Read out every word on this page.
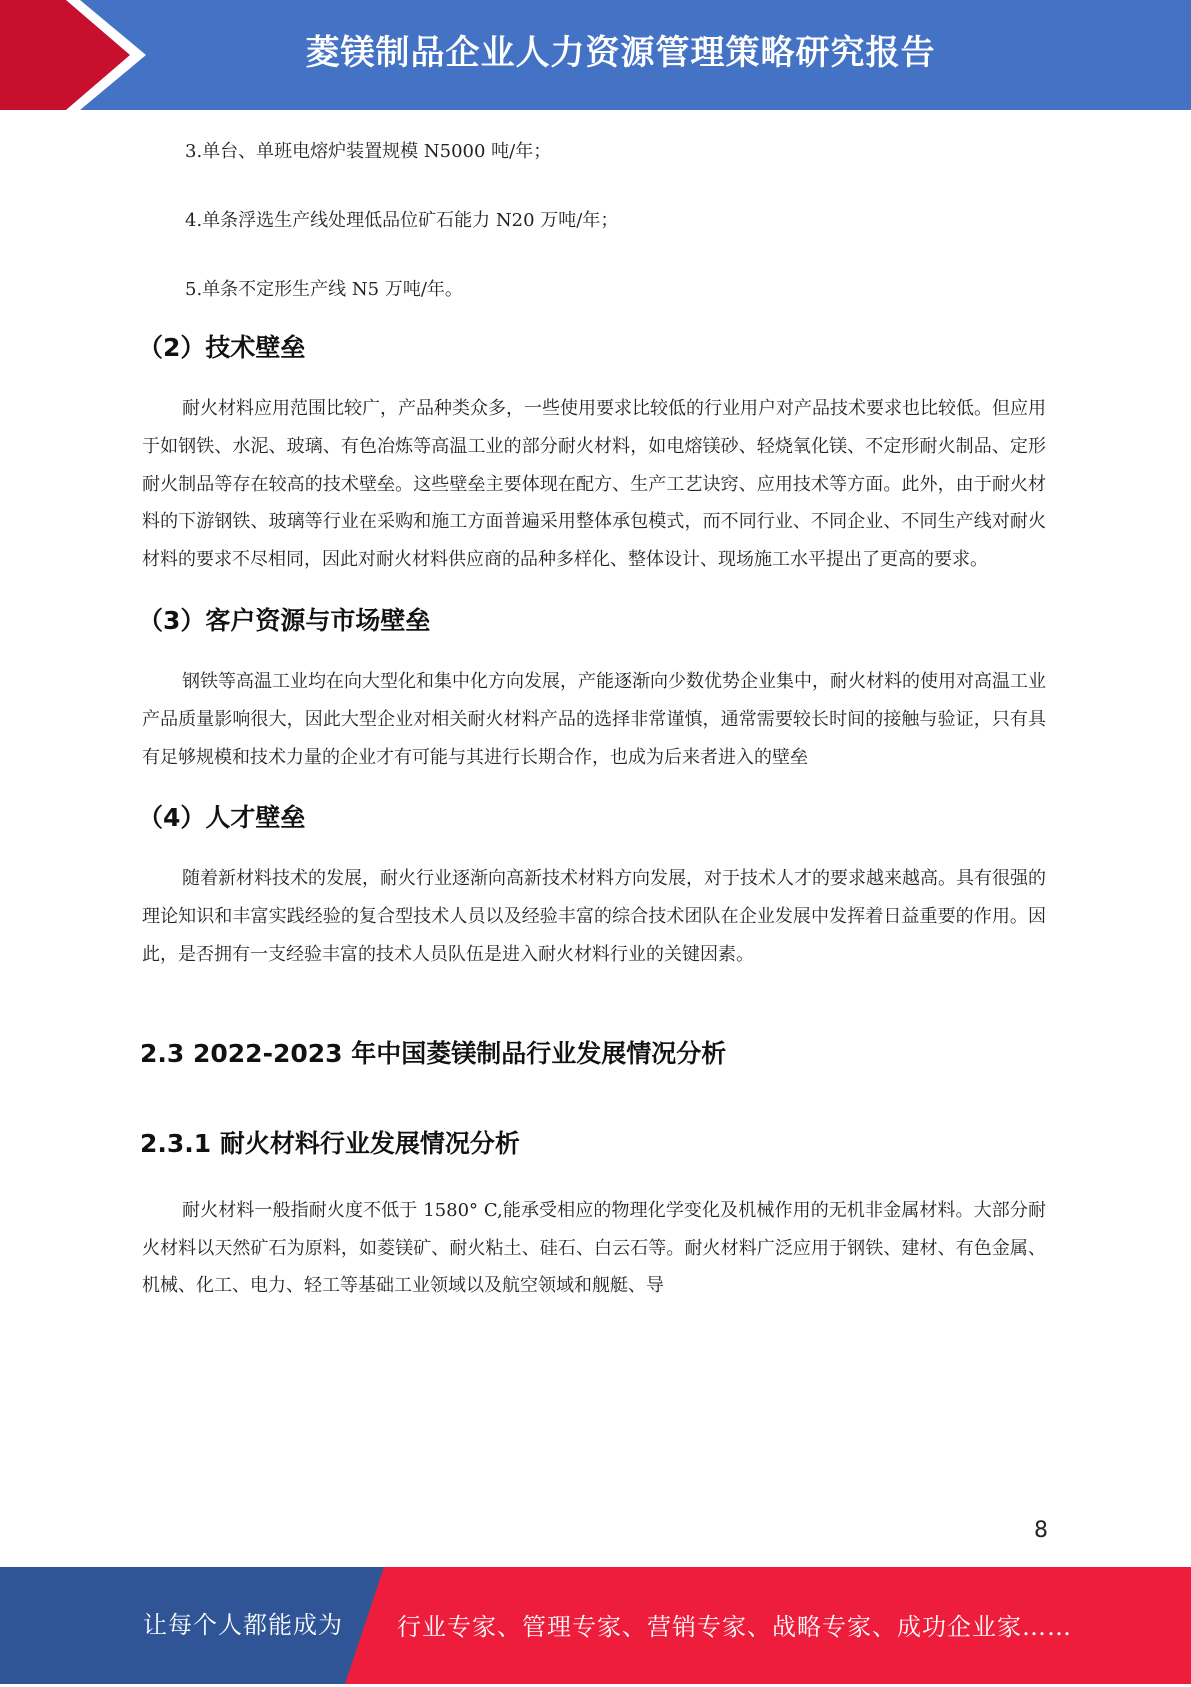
菱镁制品企业人力资源管理策略研究报告

3.单台、单班电熔炉装置规模 N5000 吨/年；

4.单条浮选生产线处理低品位矿石能力 N20 万吨/年；

5.单条不定形生产线 N5 万吨/年。

（2）技术壁垒

耐火材料应用范围比较广，产品种类众多，一些使用要求比较低的行业用户对产品技术要求也比较低。但应用于如钢铁、水泥、玻璃、有色冶炼等高温工业的部分耐火材料，如电熔镁砂、轻烧氧化镁、不定形耐火制品、定形耐火制品等存在较高的技术壁垒。这些壁垒主要体现在配方、生产工艺诀窍、应用技术等方面。此外，由于耐火材料的下游钢铁、玻璃等行业在采购和施工方面普遍采用整体承包模式，而不同行业、不同企业、不同生产线对耐火材料的要求不尽相同，因此对耐火材料供应商的品种多样化、整体设计、现场施工水平提出了更高的要求。

（3）客户资源与市场壁垒

钢铁等高温工业均在向大型化和集中化方向发展，产能逐渐向少数优势企业集中，耐火材料的使用对高温工业产品质量影响很大，因此大型企业对相关耐火材料产品的选择非常谨慎，通常需要较长时间的接触与验证，只有具有足够规模和技术力量的企业才有可能与其进行长期合作，也成为后来者进入的壁垒

（4）人才壁垒

随着新材料技术的发展，耐火行业逐渐向高新技术材料方向发展，对于技术人才的要求越来越高。具有很强的理论知识和丰富实践经验的复合型技术人员以及经验丰富的综合技术团队在企业发展中发挥着日益重要的作用。因此，是否拥有一支经验丰富的技术人员队伍是进入耐火材料行业的关键因素。

2.3 2022-2023 年中国菱镁制品行业发展情况分析
2.3.1 耐火材料行业发展情况分析

耐火材料一般指耐火度不低于 1580° C,能承受相应的物理化学变化及机械作用的无机非金属材料。大部分耐火材料以天然矿石为原料，如菱镁矿、耐火粘土、硅石、白云石等。耐火材料广泛应用于钢铁、建材、有色金属、机械、化工、电力、轻工等基础工业领域以及航空领域和舰艇、导

8
让每个人都能成为 行业专家、管理专家、营销专家、战略专家、成功企业家……
